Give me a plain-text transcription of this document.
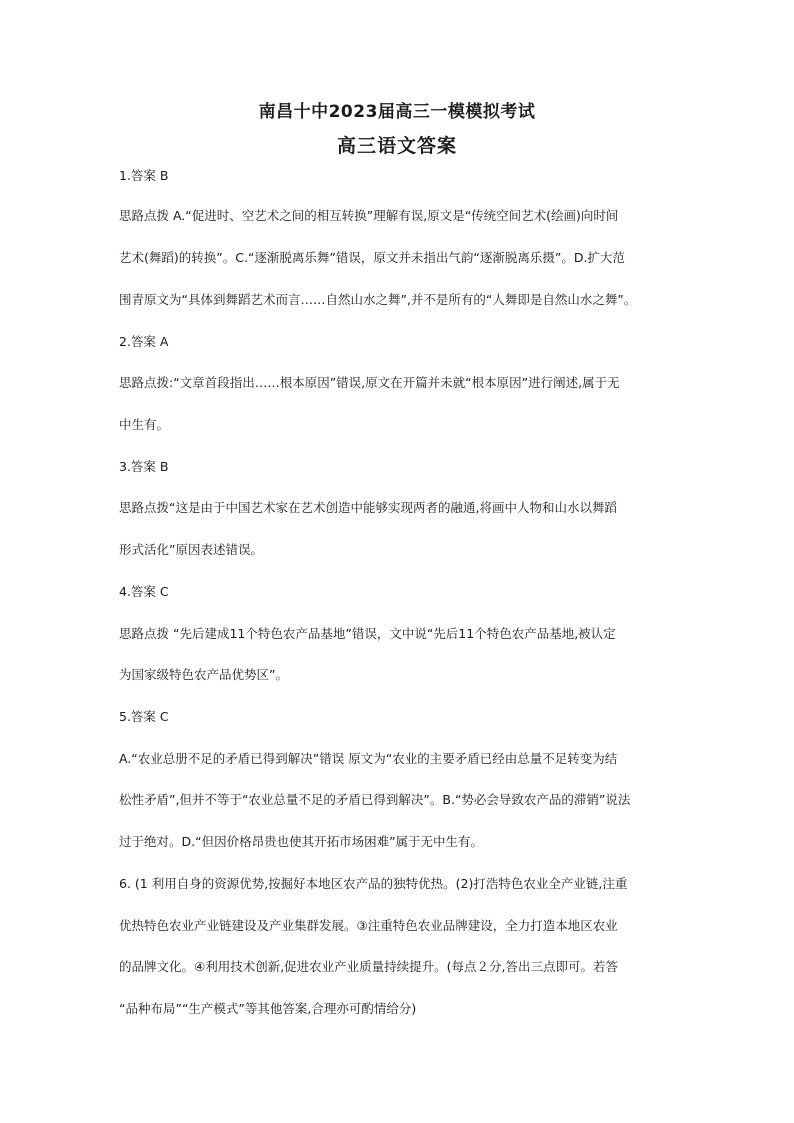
南昌十中2023届高三一模模拟考试
高三语文答案
1.答案 B
思路点拨 A.“促进时、空艺术之间的相互转换”理解有误,原文是“传统空间艺术(绘画)向时间
艺术(舞蹈)的转换”。C.“逐渐脱离乐舞”错误，原文并未指出气韵“逐渐脱离乐摄”。D.扩大范
围青原文为“具体到舞蹈艺术而言……自然山水之舞”,并不是所有的“人舞即是自然山水之舞”。
2.答案 A
思路点拨:“文章首段指出……根本原因”错误,原文在开篇并未就“根本原因”进行阐述,属于无
中生有。
3.答案 B
思路点拨“这是由于中国艺术家在艺术创造中能够实现两者的融通,将画中人物和山水以舞蹈
形式活化”原因表述错误。
4.答案 C
思路点拨 “先后建成11个特色农产品基地”错误，文中说“先后11个特色农产品基地,被认定
为国家级特色农产品优势区”。
5.答案 C
A.“农业总册不足的矛盾已得到解决”错误 原文为“农业的主要矛盾已经由总量不足转变为结
松性矛盾”,但并不等于“农业总量不足的矛盾已得到解决”。B.“势必会导致农产品的滞销”说法
过于绝对。D.“但因价格昂贵也使其开拓市场困难”属于无中生有。
6. (1 利用自身的资源优势,按掘好本地区农产品的独特优热。(2)打浩特色农业全产业链,注重
优热特色农业产业链建设及产业集群发展。③注重特色农业品牌建设，全力打造本地区农业
的品牌文化。④利用技术创新,促进农业产业质量持续提升。(每点２分,答出三点即可。若答
“品种布局”“生产模式”等其他答案,合理亦可酌情给分)
